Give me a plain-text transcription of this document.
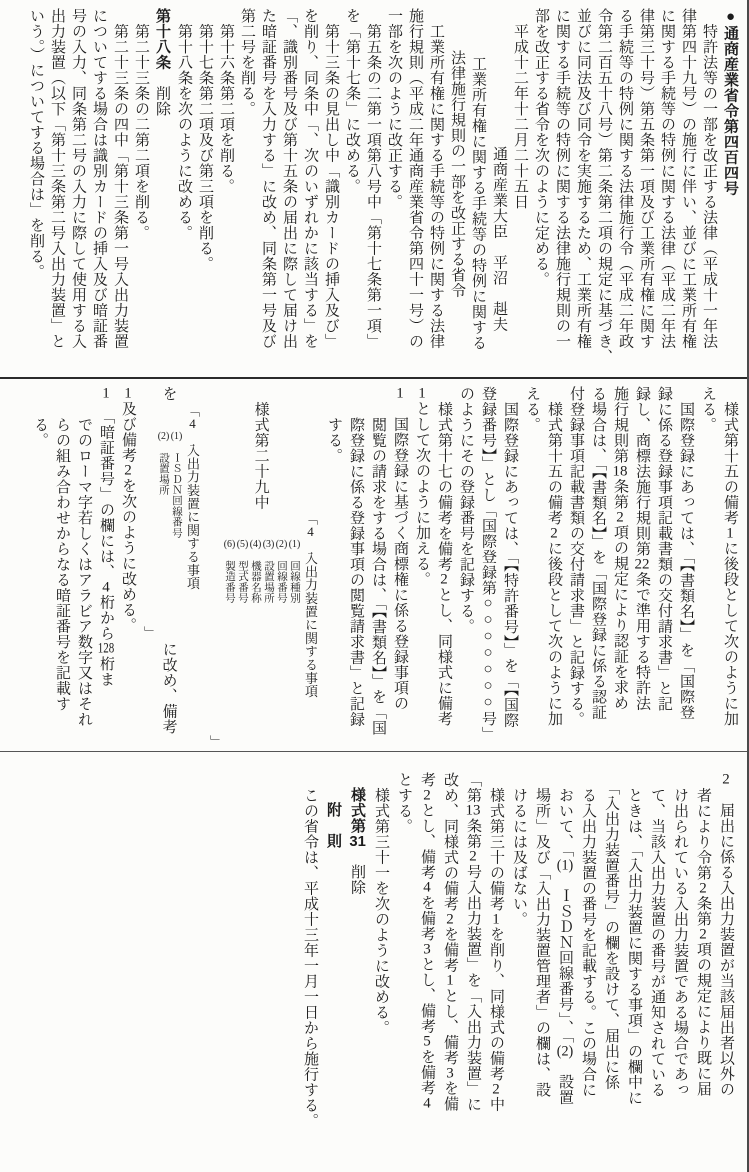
●通商産業省令第四百四号

　特許法等の一部を改正する法律（平成十一年法

律第四十九号）の施行に伴い、並びに工業所有権

に関する手続等の特例に関する法律（平成二年法

律第三十号）第五条第一項及び工業所有権に関す

る手続等の特例に関する法律施行令（平成二年政

令第二百五十八号）第二条第二項の規定に基づき、

並びに同法及び同令を実施するため、工業所有権

に関する手続等の特例に関する法律施行規則の一

部を改正する省令を次のように定める。

　平成十二年十二月二十五日

通商産業大臣　平沼　赳夫

工業所有権に関する手続等の特例に関する

法律施行規則の一部を改正する省令

　工業所有権に関する手続等の特例に関する法律

施行規則（平成二年通商産業省令第四十一号）の

一部を次のように改正する。

　第五条の二第一項第八号中「第十七条第一項」

を「第十七条」に改める。

　第十三条の見出し中「識別カードの挿入及び」

を削り、同条中「、次のいずれかに該当する」を

「、識別番号及び第十五条の届出に際して届け出

た暗証番号を入力する」に改め、同条第一号及び

第二号を削る。

　第十六条第二項を削る。

　第十七条第二項及び第三項を削る。

　第十八条を次のように改める。

第十八条　削除

　第二十三条の二第二項を削る。

　第二十三条の四中「第十三条第一号入出力装置

についてする場合は識別カードの挿入及び暗証番

号の入力、同条第二号の入力に際して使用する入

出力装置（以下「第十三条第二号入出力装置」と

いう。）についてする場合は」を削る。

　様式第十五の備考1に後段として次のように加

える。

　国際登録にあっては、「【書類名】」を「国際登

録に係る登録事項記載書類の交付請求書」と記

録し、商標法施行規則第22条で準用する特許法

施行規則第18条第2項の規定により認証を求め

る場合は、「【書類名】」を「国際登録に係る認証

付登録事項記載書類の交付請求書」と記録する。

　様式第十五の備考2に後段として次のように加

える。

　国際登録にあっては、「【特許番号】」を「【国際

登録番号】」とし「国際登録第○○○○○○○号」

のようにその登録番号を記録する。

　様式第十七の備考を備考2とし、同様式に備考

1として次のように加える。

1　国際登録に基づく商標権に係る登録事項の

　　閲覧の請求をする場合は、「【書類名】」を「国

　　際登録に係る登録事項の閲覧請求書」と記録

　　する。

　様式第二十九中
「4　入出力装置に関する事項
(1)　回線種別
(2)　回線番号
(3)　設置場所
(4)　機器名称
(5)　型式番号
(6)　製造番号
」

を
「4　入出力装置に関する事項
(1)　ＩＳＤＮ回線番号
(2)　設置場所
」
に改め、備考

1及び備考2を次のように改める。

1　「暗証番号」の欄には、4桁から128桁ま

　　でのローマ字若しくはアラビア数字又はそれ

　　らの組み合わせからなる暗証番号を記載す

　　る。

2　届出に係る入出力装置が当該届出者以外の

　者により令第2条第2項の規定により既に届

　け出られている入出力装置である場合であっ

　て、当該入出力装置の番号が通知されている

　ときは、「入出力装置に関する事項」の欄中に

　「入出力装置番号」の欄を設けて、届出に係

　る入出力装置の番号を記載する。この場合に

　おいて、「(1)　ＩＳＤＮ回線番号」、「(2)　設置

　場所」及び「入出力装置管理者」の欄は、設

　けるには及ばない。

　様式第三十の備考1を削り、同様式の備考2中

「第13条第2号入出力装置」を「入出力装置」に

改め、同様式の備考2を備考1とし、備考3を備

考2とし、備考4を備考3とし、備考5を備考4

とする。

　様式第三十一を次のように改める。

様式第31　削除

附　則

　この省令は、平成十三年一月一日から施行する。
